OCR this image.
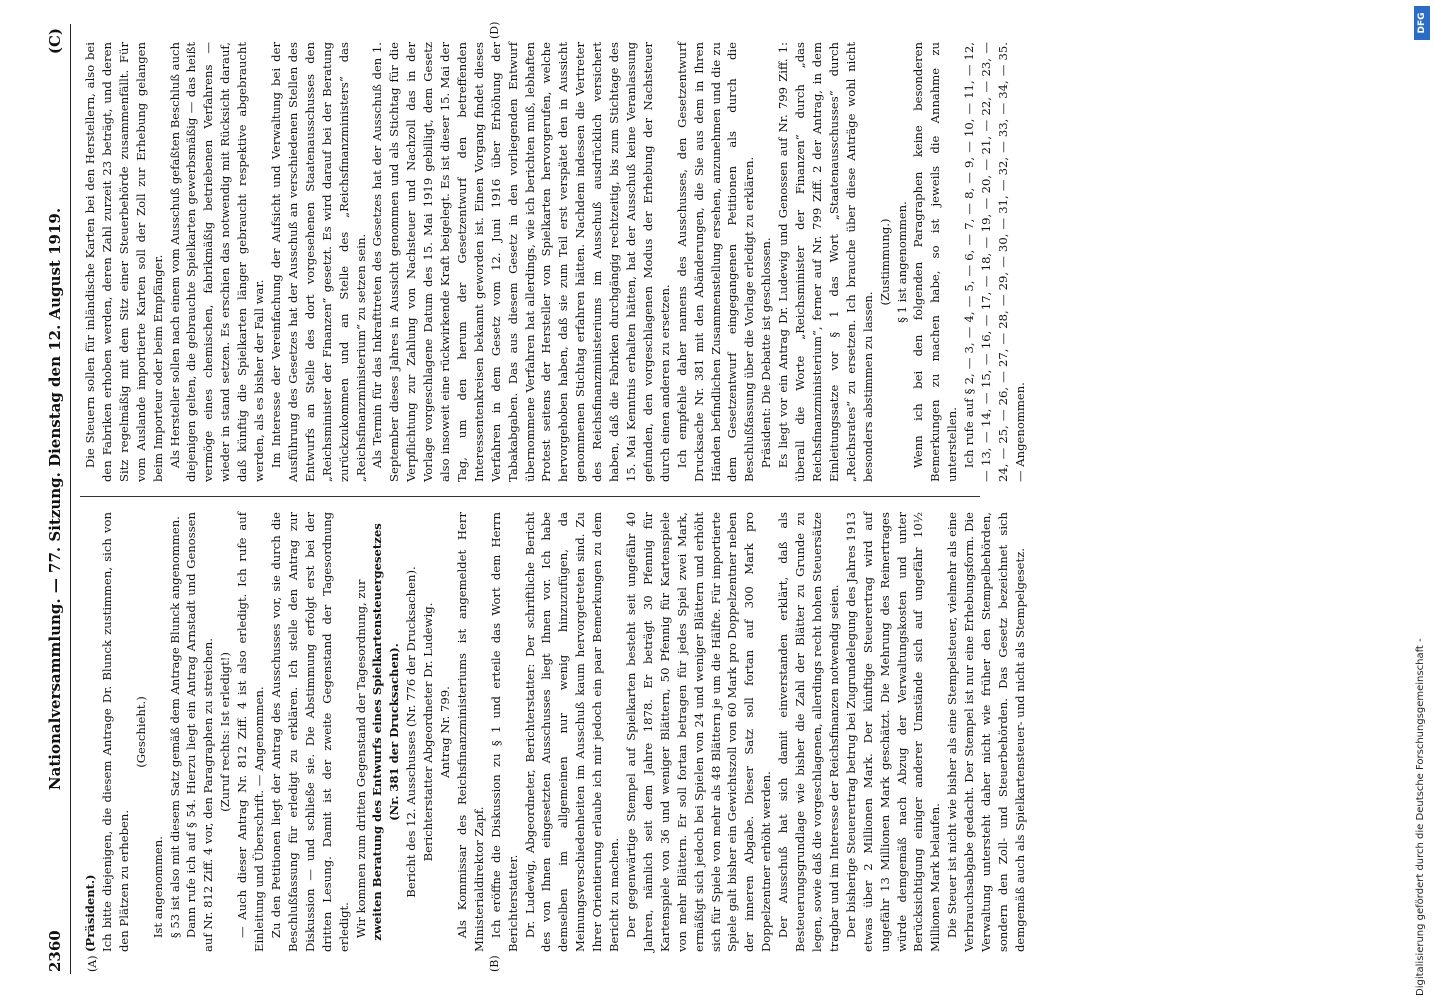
2360
Nationalversammlung. — 77. Sitzung. Dienstag den 12. August 1919.
(C)
(A)	(B)
(D)

(Präsident.) Ich bitte diejenigen, die diesem Antrage Dr. Blunck zustimmen, sich von den Plätzen zu erheben.

(Geschieht.)

Ist angenommen. § 53 ist also mit diesem Satz gemäß dem Antrage Blunck angenommen. Dann rufe ich auf § 54. Hierzu liegt ein Antrag Arnstadt und Genossen auf Nr. 812 Ziff. 4 vor, den Paragraphen zu streichen. (Zuruf rechts: Ist erledigt!) — Auch dieser Antrag Nr. 812 Ziff. 4 ist also erledigt. Ich rufe auf Einleitung und Überschrift. — Angenommen. Zu den Petitionen liegt der Antrag des Ausschusses vor, sie durch die Beschlußfassung für erledigt zu erklären. Ich stelle den Antrag zur Diskussion — und schließe sie. Die Abstimmung erfolgt erst bei der dritten Lesung. Damit ist der zweite Gegenstand der Tagesordnung erledigt. Wir kommen zum dritten Gegenstand der Tagesordnung, zur zweiten Beratung des Entwurfs eines Spielkartensteuergesetzes (Nr. 381 der Drucksachen). Bericht des 12. Ausschusses (Nr. 776 der Drucksachen). Berichterstatter Abgeordneter Dr. Ludewig. Antrag Nr. 799. Als Kommissar des Reichsfinanzministeriums ist angemeldet Herr Ministerialdirektor Zapf. Ich eröffne die Diskussion zu § 1 und erteile das Wort dem Herrn Berichterstatter. Dr. Ludewig, Abgeordneter, Berichterstatter: Der schriftliche Bericht des von Ihnen eingesetzten Ausschusses liegt Ihnen vor. Ich habe demselben im allgemeinen nur wenig hinzuzufügen, da Meinungsverschiedenheiten im Ausschuß kaum hervorgetreten sind. Zu Ihrer Orientierung erlaube ich mir jedoch ein paar Bemerkungen zu dem Bericht zu machen. Der gegenwärtige Stempel auf Spielkarten besteht seit ungefähr 40 Jahren, nämlich seit dem Jahre 1878. Er beträgt 30 Pfennig für Kartenspiele von 36 und weniger Blättern, 50 Pfennig für Kartenspiele von mehr Blättern. Er soll fortan betragen für jedes Spiel zwei Mark, ermäßigt sich jedoch bei Spielen von 24 und weniger Blättern und erhöht sich für Spiele von mehr als 48 Blättern je um die Hälfte. Für importierte Spiele galt bisher ein Gewichtszoll von 60 Mark pro Doppelzentner neben der inneren Abgabe. Dieser Satz soll fortan auf 300 Mark pro Doppelzentner erhöht werden. Der Ausschuß hat sich damit einverstanden erklärt, daß als Besteuerungsgrundlage wie bisher die Zahl der Blätter zu Grunde zu legen, sowie daß die vorgeschlagenen, allerdings recht hohen Steuersätze tragbar und im Interesse der Reichsfinanzen notwendig seien. Der bisherige Steuerertrag betrug bei Zugrundelegung des Jahres 1913 etwas über 2 Millionen Mark. Der künftige Steuerertrag wird auf ungefähr 13 Millionen Mark geschätzt. Die Mehrung des Reinertrages würde demgemäß nach Abzug der Verwaltungskosten und unter Berücksichtigung einiger anderer Umstände sich auf ungefähr 10½ Millionen Mark belaufen. Die Steuer ist nicht wie bisher als eine Stempelsteuer, vielmehr als eine Verbrauchsabgabe gedacht. Der Stempel ist nur eine Erhebungsform. Die Verwaltung untersteht daher nicht wie früher den Stempelbehörden, sondern den Zoll- und Steuerbehörden. Das Gesetz bezeichnet sich demgemäß auch als Spielkartensteuer- und nicht als Stempelgesetz.

Die Steuern sollen für inländische Karten bei den Herstellern, also bei den Fabriken erhoben werden, deren Zahl zurzeit 23 beträgt, und deren Sitz regelmäßig mit dem Sitz einer Steuerbehörde zusammenfällt. Für vom Auslande importierte Karten soll der Zoll zur Erhebung gelangen beim Importeur oder beim Empfänger. Als Hersteller sollen nach einem vom Ausschuß gefaßten Beschluß auch diejenigen gelten, die gebrauchte Spielkarten gewerbsmäßig — das heißt vermöge eines chemischen, fabrikmäßig betriebenen Verfahrens — wieder in stand setzen. Es erschien das notwendig mit Rücksicht darauf, daß künftig die Spielkarten länger gebraucht respektive abgebraucht werden, als es bisher der Fall war. Im Interesse der Vereinfachung der Aufsicht und Verwaltung bei der Ausführung des Gesetzes hat der Ausschuß an verschiedenen Stellen des Entwurfs an Stelle des dort vorgesehenen Staatenausschusses den „Reichsminister der Finanzen“ gesetzt. Es wird darauf bei der Beratung zurückzukommen und an Stelle des „Reichsfinanzministers“ das „Reichsfinanzministerium“ zu setzen sein. Als Termin für das Inkrafttreten des Gesetzes hat der Ausschuß den 1. September dieses Jahres in Aussicht genommen und als Stichtag für die Verpflichtung zur Zahlung von Nachsteuer und Nachzoll das in der Vorlage vorgeschlagene Datum des 15. Mai 1919 gebilligt, dem Gesetz also insoweit eine rückwirkende Kraft beigelegt. Es ist dieser 15. Mai der Tag, um den herum der Gesetzentwurf den betreffenden Interessentenkreisen bekannt geworden ist. Einen Vorgang findet dieses Verfahren in dem Gesetz vom 12. Juni 1916 über Erhöhung der Tabakabgaben. Das aus diesem Gesetz in den vorliegenden Entwurf übernommene Verfahren hat allerdings, wie ich berichten muß, lebhaften Protest seitens der Hersteller von Spielkarten hervorgerufen, welche hervorgehoben haben, daß sie zum Teil erst verspätet den in Aussicht genommenen Stichtag erfahren hätten. Nachdem indessen die Vertreter des Reichsfinanzministeriums im Ausschuß ausdrücklich versichert haben, daß die Fabriken durchgängig rechtzeitig, bis zum Stichtage des 15. Mai Kenntnis erhalten hätten, hat der Ausschuß keine Veranlassung gefunden, den vorgeschlagenen Modus der Erhebung der Nachsteuer durch einen anderen zu ersetzen. Ich empfehle daher namens des Ausschusses, den Gesetzentwurf Drucksache Nr. 381 mit den Abänderungen, die Sie aus dem in Ihren Händen befindlichen Zusammenstellung ersehen, anzunehmen und die zu dem Gesetzentwurf eingegangenen Petitionen als durch die Beschlußfassung über die Vorlage erledigt zu erklären. Präsident: Die Debatte ist geschlossen. Es liegt vor ein Antrag Dr. Ludewig und Genossen auf Nr. 799 Ziff. 1: überall die Worte „Reichsminister der Finanzen“ durch „das Reichsfinanzministerium“, ferner auf Nr. 799 Ziff. 2 der Antrag, in dem Einleitungssatze vor § 1 das Wort „Staatenausschusses“ durch „Reichsrates“ zu ersetzen. Ich brauche über diese Anträge wohl nicht besonders abstimmen zu lassen.

(Zustimmung.) § 1 ist angenommen. Wenn ich bei den folgenden Paragraphen keine besonderen Bemerkungen zu machen habe, so ist jeweils die Annahme zu unterstellen. Ich rufe auf § 2, — 3, — 4, — 5, — 6, — 7, — 8, — 9, — 10, — 11, — 12, — 13, — 14, — 15, — 16, — 17, — 18, — 19, — 20, — 21, — 22, — 23, — 24, — 25, — 26, — 27, — 28, — 29, — 30, — 31, — 32, — 33, — 34, — 35. — Angenommen.

Digitalisierung gefördert durch die Deutsche Forschungsgemeinschaft -
DFG
